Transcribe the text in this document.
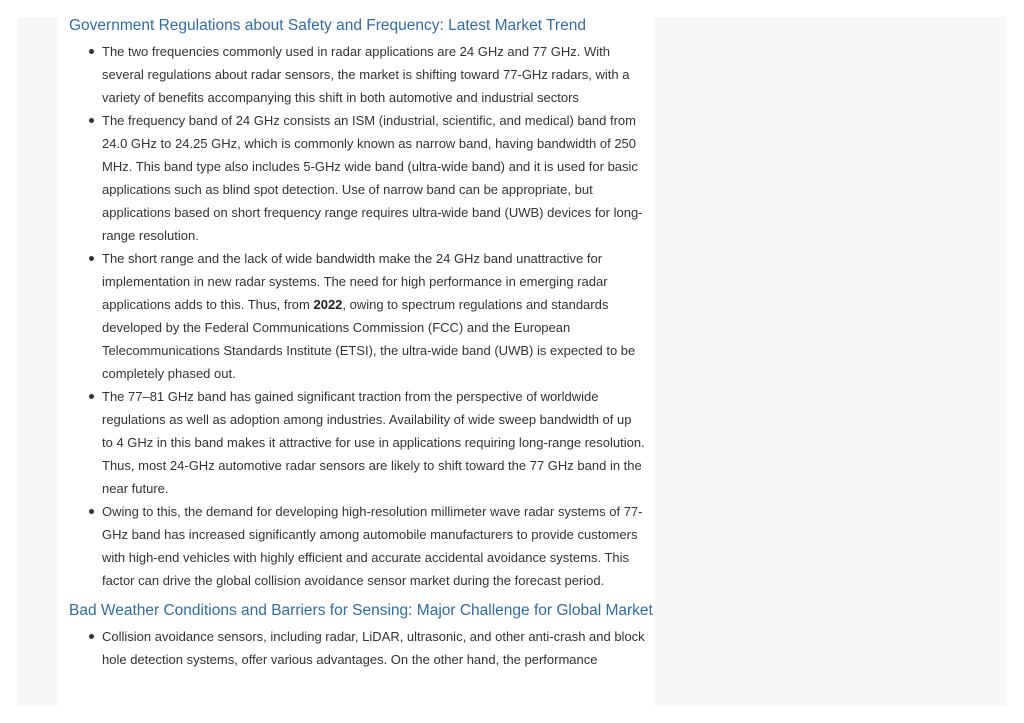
Government Regulations about Safety and Frequency: Latest Market Trend
The two frequencies commonly used in radar applications are 24 GHz and 77 GHz. With several regulations about radar sensors, the market is shifting toward 77-GHz radars, with a variety of benefits accompanying this shift in both automotive and industrial sectors
The frequency band of 24 GHz consists an ISM (industrial, scientific, and medical) band from 24.0 GHz to 24.25 GHz, which is commonly known as narrow band, having bandwidth of 250 MHz. This band type also includes 5-GHz wide band (ultra-wide band) and it is used for basic applications such as blind spot detection. Use of narrow band can be appropriate, but applications based on short frequency range requires ultra-wide band (UWB) devices for long-range resolution.
The short range and the lack of wide bandwidth make the 24 GHz band unattractive for implementation in new radar systems. The need for high performance in emerging radar applications adds to this. Thus, from 2022, owing to spectrum regulations and standards developed by the Federal Communications Commission (FCC) and the European Telecommunications Standards Institute (ETSI), the ultra-wide band (UWB) is expected to be completely phased out.
The 77–81 GHz band has gained significant traction from the perspective of worldwide regulations as well as adoption among industries. Availability of wide sweep bandwidth of up to 4 GHz in this band makes it attractive for use in applications requiring long-range resolution. Thus, most 24-GHz automotive radar sensors are likely to shift toward the 77 GHz band in the near future.
Owing to this, the demand for developing high-resolution millimeter wave radar systems of 77-GHz band has increased significantly among automobile manufacturers to provide customers with high-end vehicles with highly efficient and accurate accidental avoidance systems. This factor can drive the global collision avoidance sensor market during the forecast period.
Bad Weather Conditions and Barriers for Sensing: Major Challenge for Global Market
Collision avoidance sensors, including radar, LiDAR, ultrasonic, and other anti-crash and block hole detection systems, offer various advantages. On the other hand, the performance
